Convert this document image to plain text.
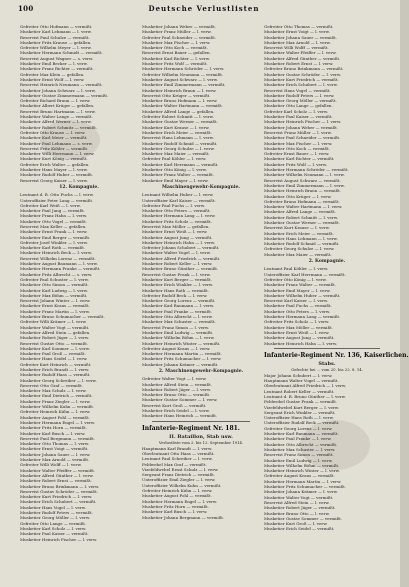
100	Deutsche Verlustlisten
Gefreiter Otto Hofmann — vermißt.
Musketier Karl Lehmann — l. verw.
Reservist Paul Schulze — vermißt.
Musketier Fritz Krause — gefallen.
Gefreiter Wilhelm Meyer — l. verw.
Musketier Hermann Schmidt — vermißt.
Reservist August Wagner — s. verw.
Musketier Emil Becker — l. verw.
Musketier Franz Richter — vermißt.
Gefreiter Max Klein — gefallen.
Musketier Ernst Wolf — l. verw.
Reservist Heinrich Neumann — vermißt.
Musketier Johann Schwarz — l. verw.
Musketier Gustav Zimmermann — vermißt.
Gefreiter Richard Braun — l. verw.
Musketier Albert Krüger — gefallen.
Reservist Bruno Hartmann — l. verw.
Musketier Walter Lange — vermißt.
Musketier Alfred Werner — l. verw.
Musketier Robert Schmitz — vermißt.
Gefreiter Otto Krause — l. verw.
Musketier Karl Meier — vermißt.
Musketier Paul Lehmann — s. verw.
Reservist Fritz Köhler — vermißt.
Musketier Willi Herrmann — l. verw.
Musketier Kurt König — vermißt.
Gefreiter Erich Walter — gefallen.
Musketier Hans Mayer — l. verw.
Musketier Rudolf Huber — vermißt.
Reservist Georg Kaiser — l. verw.
12. Kompagnie.
Leutnant d. R. Otto Fuchs — l. verw.
Unteroffizier Peter Lang — vermißt.
Gefreiter Karl Weiß — l. verw.
Musketier Paul Jung — vermißt.
Musketier Franz Hahn — l. verw.
Musketier Otto Vogel — vermißt.
Reservist Max Keller — gefallen.
Musketier Ernst Frank — l. verw.
Musketier Emil Berger — vermißt.
Gefreiter Josef Winkler — l. verw.
Musketier Karl Roth — vermißt.
Musketier Heinrich Beck — l. verw.
Reservist Wilhelm Lorenz — vermißt.
Musketier August Baumann — l. verw.
Musketier Hermann Franke — vermißt.
Musketier Fritz Albrecht — s. verw.
Gefreiter Paul Schuster — l. verw.
Musketier Otto Simon — vermißt.
Musketier Karl Ludwig — l. verw.
Musketier Max Böhm — vermißt.
Reservist Johann Winter — l. verw.
Musketier Ernst Kraus — vermißt.
Musketier Franz Martin — l. verw.
Musketier Bruno Schumacher — vermißt.
Gefreiter Willi Krämer — l. verw.
Musketier Walter Vogt — vermißt.
Musketier Alfred Stein — gefallen.
Musketier Robert Jäger — l. verw.
Reservist Gustav Otto — vermißt.
Musketier Karl Sommer — l. verw.
Musketier Paul Groß — vermißt.
Musketier Hans Seidel — l. verw.
Gefreiter Kurt Heinrich — vermißt.
Musketier Erich Brandt — l. verw.
Musketier Rudolf Haas — vermißt.
Musketier Georg Schreiber — l. verw.
Reservist Otto Graf — vermißt.
Musketier Max Schulz — l. verw.
Musketier Emil Dietrich — vermißt.
Musketier Franz Ziegler — l. verw.
Musketier Wilhelm Kuhn — vermißt.
Gefreiter Heinrich Kühn — l. verw.
Musketier August Pohl — vermißt.
Musketier Hermann Engel — l. verw.
Musketier Fritz Horn — vermißt.
Musketier Karl Busch — l. verw.
Reservist Paul Bergmann — vermißt.
Musketier Otto Thomas — l. verw.
Musketier Ernst Voigt — vermißt.
Musketier Johann Sauer — l. verw.
Musketier Max Arnold — vermißt.
Gefreiter Willi Wolff — l. verw.
Musketier Walter Pfeiffer — vermißt.
Musketier Alfred Günther — l. verw.
Musketier Robert Ernst — vermißt.
Musketier Bruno Brinkmann — l. verw.
Reservist Gustav Schröder — vermißt.
Musketier Kurt Friedrich — l. verw.
Musketier Erich Schubert — vermißt.
Musketier Hans Vogel — l. verw.
Musketier Rudolf Peters — vermißt.
Musketier Georg Möller — l. verw.
Gefreiter Otto Lange — vermißt.
Musketier Karl Scholz — l. verw.
Musketier Paul Kaiser — vermißt.
Musketier Heinrich Fischer — l. verw.
Musketier Johann Weber — vermißt.
Musketier Franz Müller — l. verw.
Gefreiter Paul Schneider — vermißt.
Musketier Max Fischer — l. verw.
Musketier Otto Koch — vermißt.
Reservist Ernst Bauer — gefallen.
Musketier Karl Richter — l. verw.
Musketier Fritz Wolf — vermißt.
Musketier Hermann Schröder — l. verw.
Gefreiter Wilhelm Neumann — vermißt.
Musketier August Schwarz — l. verw.
Musketier Emil Zimmermann — vermißt.
Musketier Heinrich Braun — l. verw.
Reservist Otto Krüger — vermißt.
Musketier Bruno Hofmann — l. verw.
Musketier Walter Hartmann — vermißt.
Musketier Alfred Lange — gefallen.
Gefreiter Robert Schmitt — l. verw.
Musketier Gustav Werner — vermißt.
Musketier Kurt Krause — l. verw.
Musketier Erich Meier — vermißt.
Reservist Hans Lehmann — l. verw.
Musketier Rudolf Schmid — vermißt.
Musketier Georg Schulze — l. verw.
Musketier Max Maier — vermißt.
Gefreiter Paul Köhler — l. verw.
Musketier Karl Herrmann — vermißt.
Musketier Otto König — l. verw.
Musketier Franz Walter — vermißt.
Musketier Emil Mayer — l. verw.
Maschinengewehr-Kompagnie.
Leutnant Wilhelm Huber — l. verw.
Unteroffizier Karl Kaiser — vermißt.
Gefreiter Paul Fuchs — l. verw.
Musketier Otto Peters — vermißt.
Musketier Hermann Lang — l. verw.
Musketier Fritz Scholz — vermißt.
Reservist Max Möller — gefallen.
Musketier Ernst Weiß — l. verw.
Musketier August Jung — vermißt.
Musketier Heinrich Hahn — l. verw.
Gefreiter Johann Schubert — vermißt.
Musketier Walter Vogel — l. verw.
Musketier Alfred Friedrich — vermißt.
Musketier Robert Keller — l. verw.
Musketier Bruno Günther — vermißt.
Reservist Gustav Frank — l. verw.
Musketier Kurt Berger — vermißt.
Musketier Erich Winkler — l. verw.
Musketier Hans Roth — vermißt.
Gefreiter Rudolf Beck — l. verw.
Musketier Georg Lorenz — vermißt.
Musketier Karl Baumann — l. verw.
Musketier Paul Franke — vermißt.
Musketier Otto Albrecht — l. verw.
Musketier Max Schuster — vermißt.
Reservist Franz Simon — l. verw.
Musketier Emil Ludwig — vermißt.
Musketier Wilhelm Böhm — l. verw.
Musketier Heinrich Winter — vermißt.
Gefreiter August Kraus — l. verw.
Musketier Hermann Martin — vermißt.
Musketier Fritz Schumacher — l. verw.
Musketier Johann Krämer — vermißt.
2. Maschinengewehr-Kompagnie.
Gefreiter Walter Vogt — l. verw.
Musketier Alfred Stein — vermißt.
Musketier Robert Jäger — l. verw.
Musketier Bruno Otto — vermißt.
Musketier Gustav Sommer — l. verw.
Reservist Kurt Groß — vermißt.
Musketier Erich Seidel — l. verw.
Musketier Hans Heinrich — vermißt.
Infanterie-Regiment Nr. 181.
II. Bataillon, Stab usw.
Verlustliste vom 2. bis 12. September 1914.
Hauptmann Karl Brandt — l. verw.
Oberleutnant Otto Haas — vermißt.
Leutnant Paul Schreiber — l. verw.
Feldwebel Max Graf — vermißt.
Vizefeldwebel Ernst Schulz — l. verw.
Sergeant Franz Dietrich — vermißt.
Unteroffizier Emil Ziegler — l. verw.
Unteroffizier Wilhelm Kuhn — vermißt.
Gefreiter Heinrich Kühn — l. verw.
Musketier August Pohl — vermißt.
Musketier Hermann Engel — l. verw.
Musketier Fritz Horn — vermißt.
Musketier Karl Busch — l. verw.
Musketier Johann Bergmann — vermißt.
Gefreiter Otto Thomas — vermißt.
Musketier Ernst Voigt — l. verw.
Musketier Johann Sauer — vermißt.
Musketier Max Arnold — l. verw.
Reservist Willi Wolff — vermißt.
Musketier Walter Pfeiffer — l. verw.
Musketier Alfred Günther — vermißt.
Musketier Robert Ernst — l. verw.
Gefreiter Bruno Brinkmann — vermißt.
Musketier Gustav Schröder — l. verw.
Musketier Kurt Friedrich — vermißt.
Musketier Erich Schubert — l. verw.
Reservist Hans Vogel — vermißt.
Musketier Rudolf Peters — l. verw.
Musketier Georg Möller — vermißt.
Musketier Otto Lange — gefallen.
Gefreiter Karl Scholz — l. verw.
Musketier Paul Kaiser — vermißt.
Musketier Heinrich Fischer — l. verw.
Musketier Johann Weber — vermißt.
Reservist Franz Müller — l. verw.
Musketier Paul Schneider — vermißt.
Musketier Max Fischer — l. verw.
Musketier Otto Koch — vermißt.
Gefreiter Ernst Bauer — l. verw.
Musketier Karl Richter — vermißt.
Musketier Fritz Wolf — l. verw.
Musketier Hermann Schröder — vermißt.
Musketier Wilhelm Neumann — l. verw.
Reservist August Schwarz — vermißt.
Musketier Emil Zimmermann — l. verw.
Musketier Heinrich Braun — vermißt.
Musketier Otto Krüger — l. verw.
Gefreiter Bruno Hofmann — vermißt.
Musketier Walter Hartmann — l. verw.
Musketier Alfred Lange — vermißt.
Musketier Robert Schmitt — l. verw.
Musketier Gustav Werner — vermißt.
Reservist Kurt Krause — l. verw.
Musketier Erich Meier — vermißt.
Musketier Hans Lehmann — l. verw.
Musketier Rudolf Schmid — vermißt.
Gefreiter Georg Schulze — l. verw.
Musketier Max Maier — vermißt.
2. Kompagnie.
Leutnant Paul Köhler — l. verw.
Unteroffizier Karl Herrmann — vermißt.
Gefreiter Otto König — l. verw.
Musketier Franz Walter — vermißt.
Musketier Emil Mayer — l. verw.
Musketier Wilhelm Huber — vermißt.
Reservist Karl Kaiser — l. verw.
Musketier Paul Fuchs — vermißt.
Musketier Otto Peters — l. verw.
Musketier Hermann Lang — vermißt.
Gefreiter Fritz Scholz — l. verw.
Musketier Max Möller — vermißt.
Musketier Ernst Weiß — l. verw.
Musketier August Jung — vermißt.
Musketier Heinrich Hahn — l. verw.
Infanterie-Regiment Nr. 136, Kaiserlichen.
Stabs.
Gefechte bei ... vom 20. bis 22. 8. 14.
Major Johann Schubert — l. verw.
Hauptmann Walter Vogel — vermißt.
Oberleutnant Alfred Friedrich — l. verw.
Leutnant Robert Keller — vermißt.
Leutnant d. R. Bruno Günther — l. verw.
Feldwebel Gustav Frank — vermißt.
Vizefeldwebel Kurt Berger — l. verw.
Sergeant Erich Winkler — vermißt.
Unteroffizier Hans Roth — l. verw.
Unteroffizier Rudolf Beck — vermißt.
Gefreiter Georg Lorenz — l. verw.
Musketier Karl Baumann — vermißt.
Musketier Paul Franke — l. verw.
Musketier Otto Albrecht — vermißt.
Musketier Max Schuster — l. verw.
Reservist Franz Simon — vermißt.
Musketier Emil Ludwig — l. verw.
Musketier Wilhelm Böhm — vermißt.
Musketier Heinrich Winter — l. verw.
Gefreiter August Kraus — vermißt.
Musketier Hermann Martin — l. verw.
Musketier Fritz Schumacher — vermißt.
Musketier Johann Krämer — l. verw.
Musketier Walter Vogt — vermißt.
Reservist Alfred Stein — l. verw.
Musketier Robert Jäger — vermißt.
Musketier Bruno Otto — l. verw.
Musketier Gustav Sommer — vermißt.
Musketier Kurt Groß — l. verw.
Musketier Erich Seidel — vermißt.
